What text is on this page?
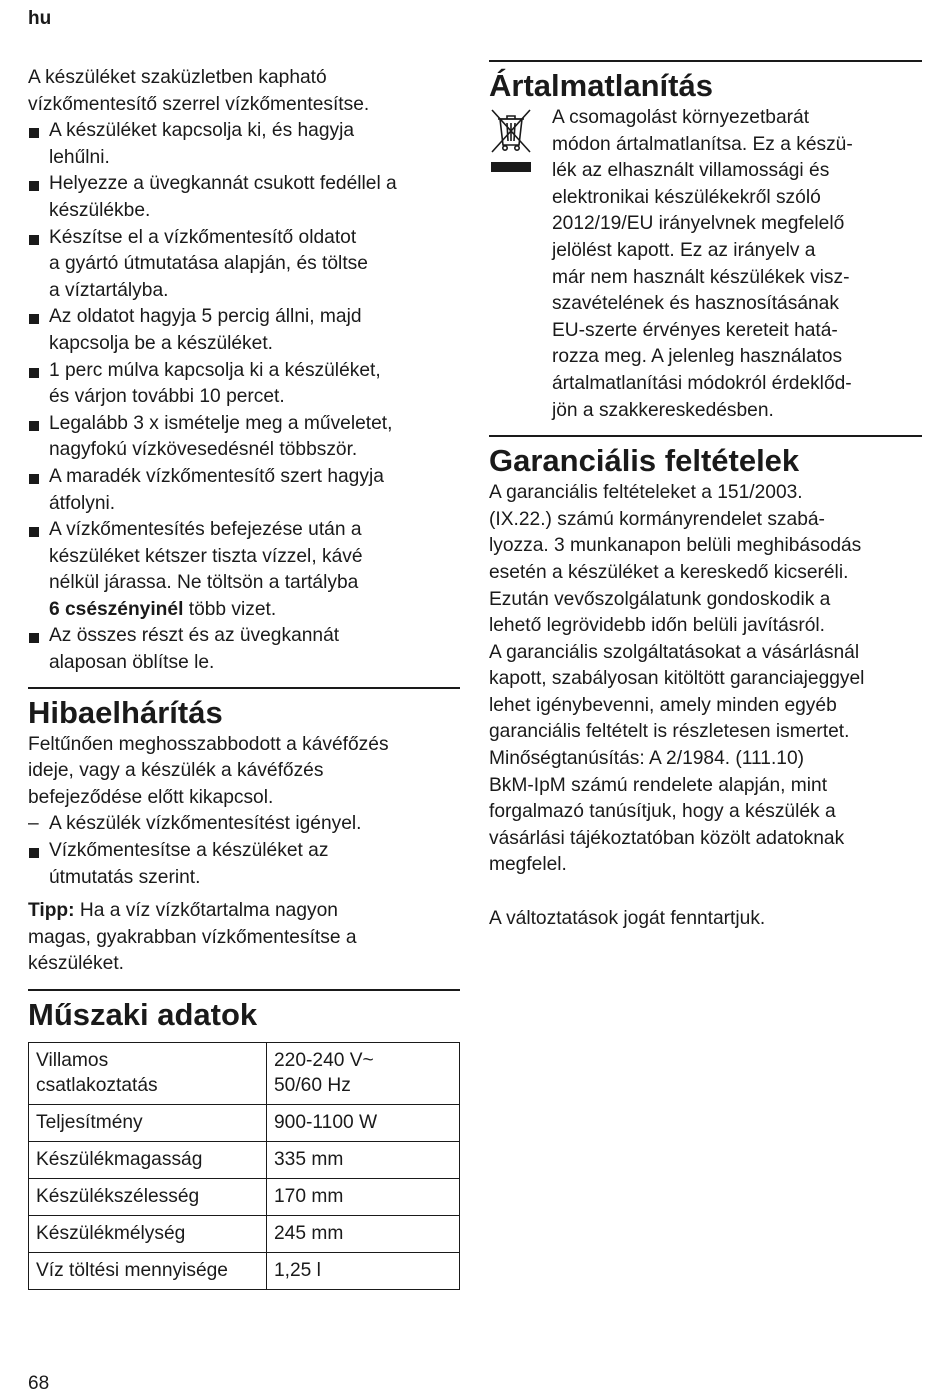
hu

A készüléket szaküzletben kapható
vízkőmentesítő szerrel vízkőmentesítse.

A készüléket kapcsolja ki, és hagyja
lehűlni.
Helyezze a üvegkannát csukott fedéllel a
készülékbe.
Készítse el a vízkőmentesítő oldatot
a gyártó útmutatása alapján, és töltse
a víztartályba.
Az oldatot hagyja 5 percig állni, majd
kapcsolja be a készüléket.
1 perc múlva kapcsolja ki a készüléket,
és várjon további 10 percet.
Legalább 3 x ismételje meg a műveletet,
nagyfokú vízkövesedésnél többször.
A maradék vízkőmentesítő szert hagyja
átfolyni.
A vízkőmentesítés befejezése után a
készüléket kétszer tiszta vízzel, kávé
nélkül járassa. Ne töltsön a tartályba
6 csészényinél több vizet.
Az összes részt és az üvegkannát
alaposan öblítse le.
Hibaelhárítás

Feltűnően meghosszabbodott a kávéfőzés
ideje, vagy a készülék a kávéfőzés
befejeződése előtt kikapcsol.

– A készülék vízkőmentesítést igényel.
Vízkőmentesítse a készüléket az
útmutatás szerint.

Tipp: Ha a víz vízkőtartalma nagyon
magas, gyakrabban vízkőmentesítse a
készüléket.

Műszaki adatok
Villamos
csatlakoztatás	220-240 V~
50/60 Hz

Teljesítmény	900-1100 W
Készülékmagasság	335 mm
Készülékszélesség	170 mm
Készülékmélység	245 mm
Víz töltési mennyisége	1,25 l
Ártalmatlanítás

A csomagolást környezetbarát
módon ártalmatlanítsa. Ez a készü-
lék az elhasznált villamossági és
elektronikai készülékekről szóló
2012/19/EU irányelvnek megfelelő
jelölést kapott. Ez az irányelv a
már nem használt készülékek visz-
szavételének és hasznosításának
EU-szerte érvényes kereteit hatá-
rozza meg. A jelenleg használatos
ártalmatlanítási módokról érdeklőd-
jön a szakkereskedésben.

Garanciális feltételek

A garanciális feltételeket a 151/2003.
(IX.22.) számú kormányrendelet szabá-
lyozza. 3 munkanapon belüli meghibásodás
esetén a készüléket a kereskedő kicseréli.
Ezután vevőszolgálatunk gondoskodik a
lehető legrövidebb időn belüli javításról.
A garanciális szolgáltatásokat a vásárlásnál
kapott, szabályosan kitöltött garanciajeggyel
lehet igénybevenni, amely minden egyéb
garanciális feltételt is részletesen ismertet.
Minőségtanúsítás: A 2/1984. (111.10)
BkM-IpM számú rendelete alapján, mint
forgalmazó tanúsítjuk, hogy a készülék a
vásárlási tájékoztatóban közölt adatoknak
megfelel.

A változtatások jogát fenntartjuk.

68
